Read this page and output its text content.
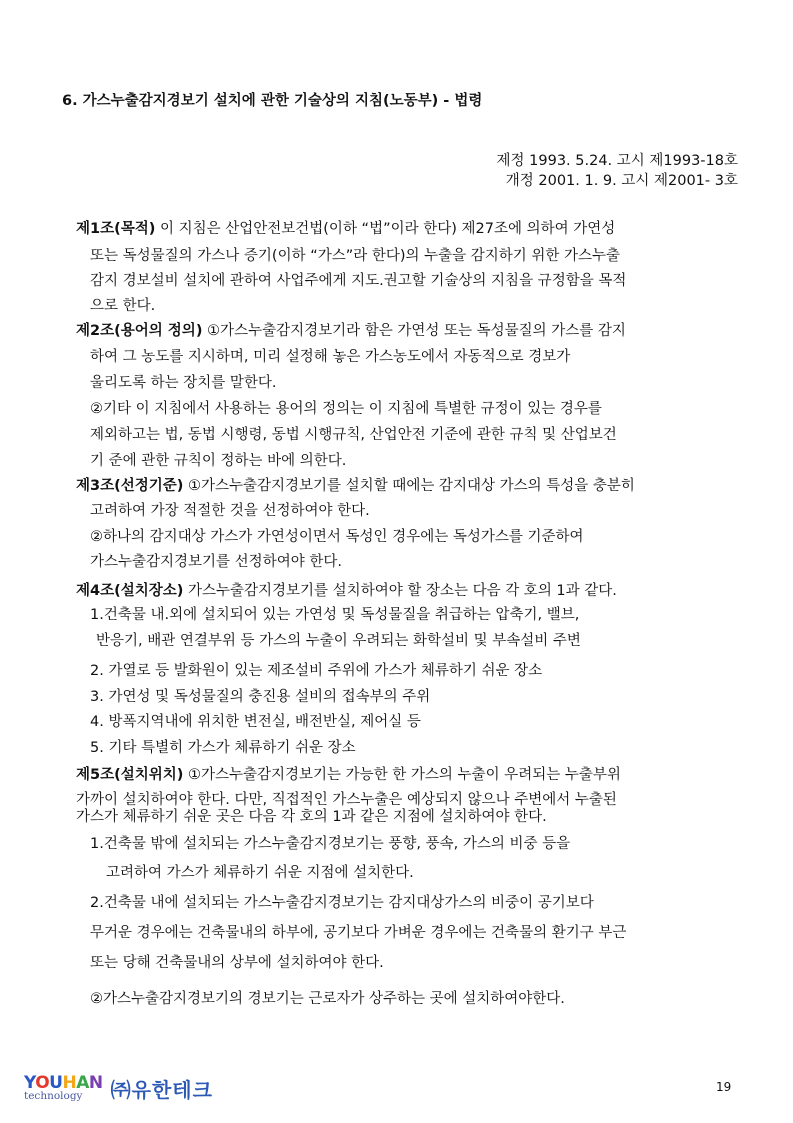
6. 가스누출감지경보기 설치에 관한 기술상의 지침(노동부) - 법령
제정 1993. 5.24. 고시 제1993-18호
개정 2001. 1. 9. 고시 제2001- 3호
제1조(목적) 이 지침은 산업안전보건법(이하 “법”이라 한다) 제27조에 의하여 가연성
또는 독성물질의 가스나 증기(이하 “가스”라 한다)의 누출을 감지하기 위한 가스누출
감지 경보설비 설치에 관하여 사업주에게 지도.권고할 기술상의 지침을 규정함을 목적
으로 한다.
제2조(용어의 정의) ①가스누출감지경보기라 함은 가연성 또는 독성물질의 가스를 감지
하여 그 농도를 지시하며, 미리 설정해 놓은 가스농도에서 자동적으로 경보가
울리도록 하는 장치를 말한다.
②기타 이 지침에서 사용하는 용어의 정의는 이 지침에 특별한 규정이 있는 경우를
제외하고는 법, 동법 시행령, 동법 시행규칙, 산업안전 기준에 관한 규칙 및 산업보건
기 준에 관한 규칙이 정하는 바에 의한다.
제3조(선정기준) ①가스누출감지경보기를 설치할 때에는 감지대상 가스의 특성을 충분히
고려하여 가장 적절한 것을 선정하여야 한다.
②하나의 감지대상 가스가 가연성이면서 독성인 경우에는 독성가스를 기준하여
가스누출감지경보기를 선정하여야 한다.
제4조(설치장소) 가스누출감지경보기를 설치하여야 할 장소는 다음 각 호의 1과 같다.
1.건축물 내.외에 설치되어 있는 가연성 및 독성물질을 취급하는 압축기, 밸브,
반응기, 배관 연결부위 등 가스의 누출이 우려되는 화학설비 및 부속설비 주변
2. 가열로 등 발화원이 있는 제조설비 주위에 가스가 체류하기 쉬운 장소
3. 가연성 및 독성물질의 충진용 설비의 접속부의 주위
4. 방폭지역내에 위치한 변전실, 배전반실, 제어실 등
5. 기타 특별히 가스가 체류하기 쉬운 장소
제5조(설치위치) ①가스누출감지경보기는 가능한 한 가스의 누출이 우려되는 누출부위
가까이 설치하여야 한다. 다만, 직접적인 가스누출은 예상되지 않으나 주변에서 누출된
가스가 체류하기 쉬운 곳은 다음 각 호의 1과 같은 지점에 설치하여야 한다.
1.건축물 밖에 설치되는 가스누출감지경보기는 풍향, 풍속, 가스의 비중 등을
고려하여 가스가 체류하기 쉬운 지점에 설치한다.
2.건축물 내에 설치되는 가스누출감지경보기는 감지대상가스의 비중이 공기보다
무거운 경우에는 건축물내의 하부에, 공기보다 가벼운 경우에는 건축물의 환기구 부근
또는 당해 건축물내의 상부에 설치하여야 한다.
②가스누출감지경보기의 경보기는 근로자가 상주하는 곳에 설치하여야한다.
YOUHAN
technology	㈜유한테크	19
